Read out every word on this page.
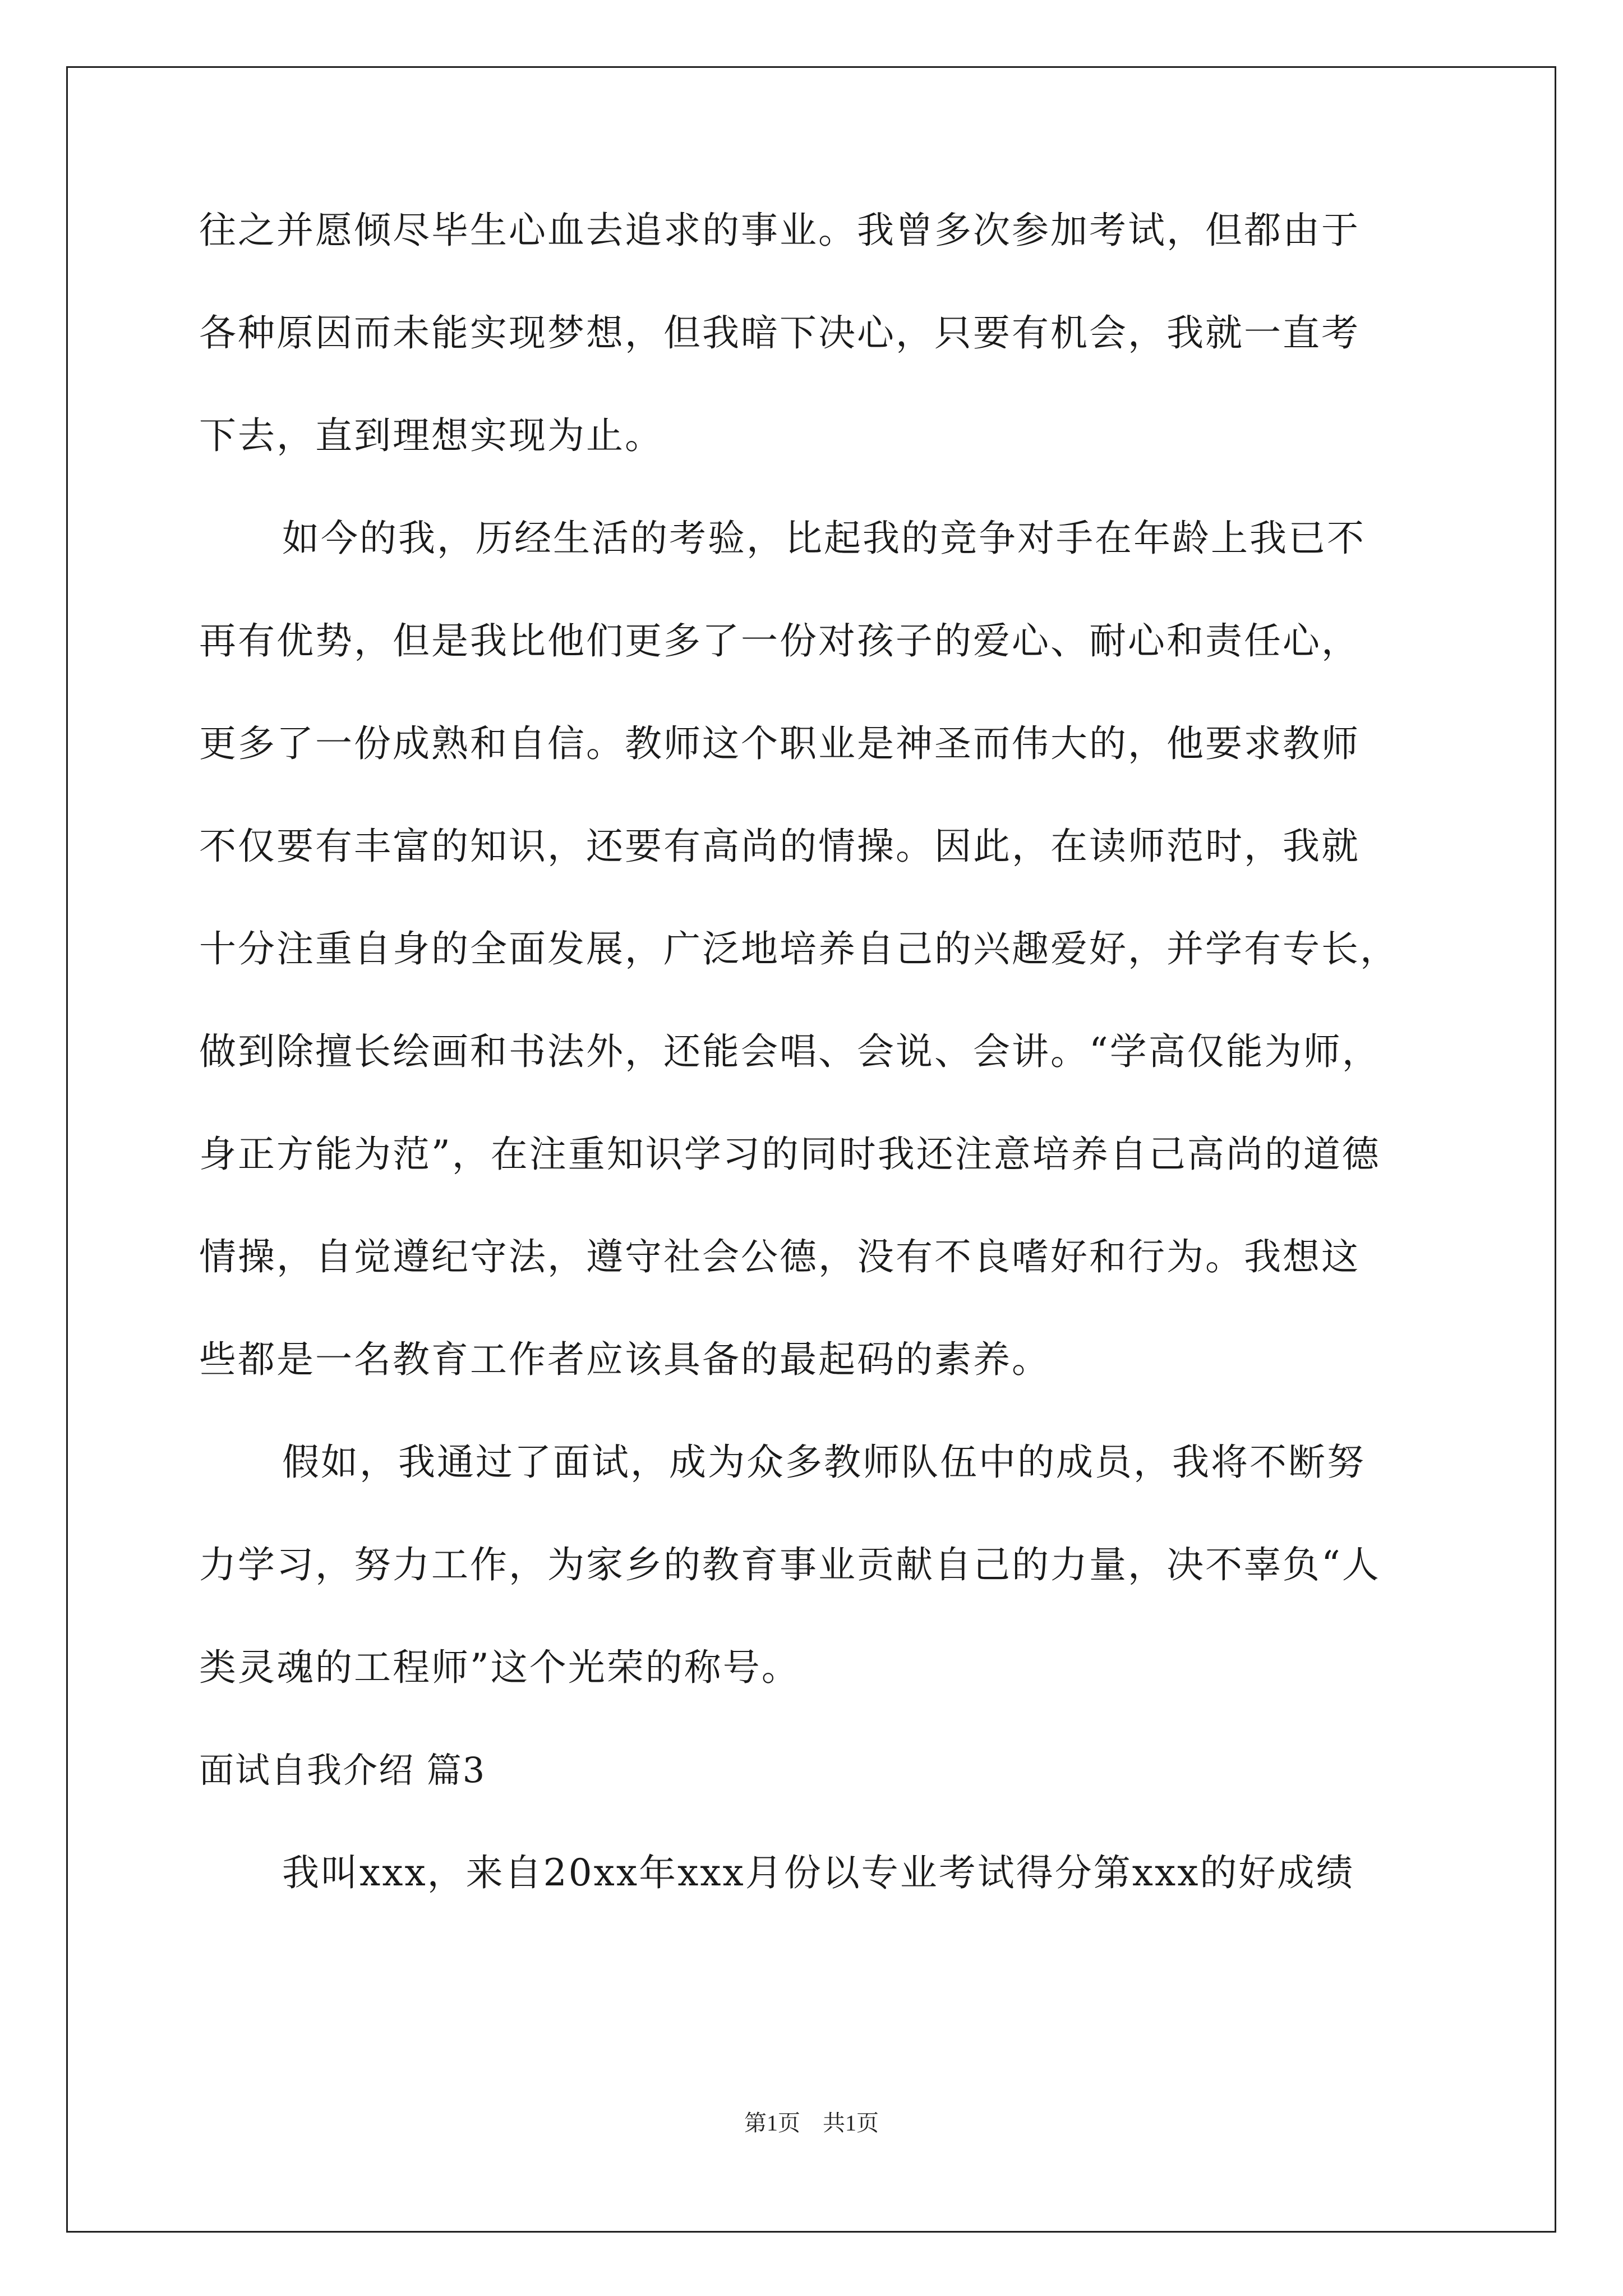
往之并愿倾尽毕生心血去追求的事业。我曾多次参加考试，但都由于

各种原因而未能实现梦想，但我暗下决心，只要有机会，我就一直考

下去，直到理想实现为止。

如今的我，历经生活的考验，比起我的竞争对手在年龄上我已不

再有优势，但是我比他们更多了一份对孩子的爱心、耐心和责任心，

更多了一份成熟和自信。教师这个职业是神圣而伟大的，他要求教师

不仅要有丰富的知识，还要有高尚的情操。因此，在读师范时，我就

十分注重自身的全面发展，广泛地培养自己的兴趣爱好，并学有专长，

做到除擅长绘画和书法外，还能会唱、会说、会讲。“学高仅能为师，

身正方能为范”，在注重知识学习的同时我还注意培养自己高尚的道德

情操，自觉遵纪守法，遵守社会公德，没有不良嗜好和行为。我想这

些都是一名教育工作者应该具备的最起码的素养。

假如，我通过了面试，成为众多教师队伍中的成员，我将不断努

力学习，努力工作，为家乡的教育事业贡献自己的力量，决不辜负“人

类灵魂的工程师”这个光荣的称号。

面试自我介绍 篇3

我叫xxx，来自20xx年xxx月份以专业考试得分第xxx的好成绩

第1页　共1页
